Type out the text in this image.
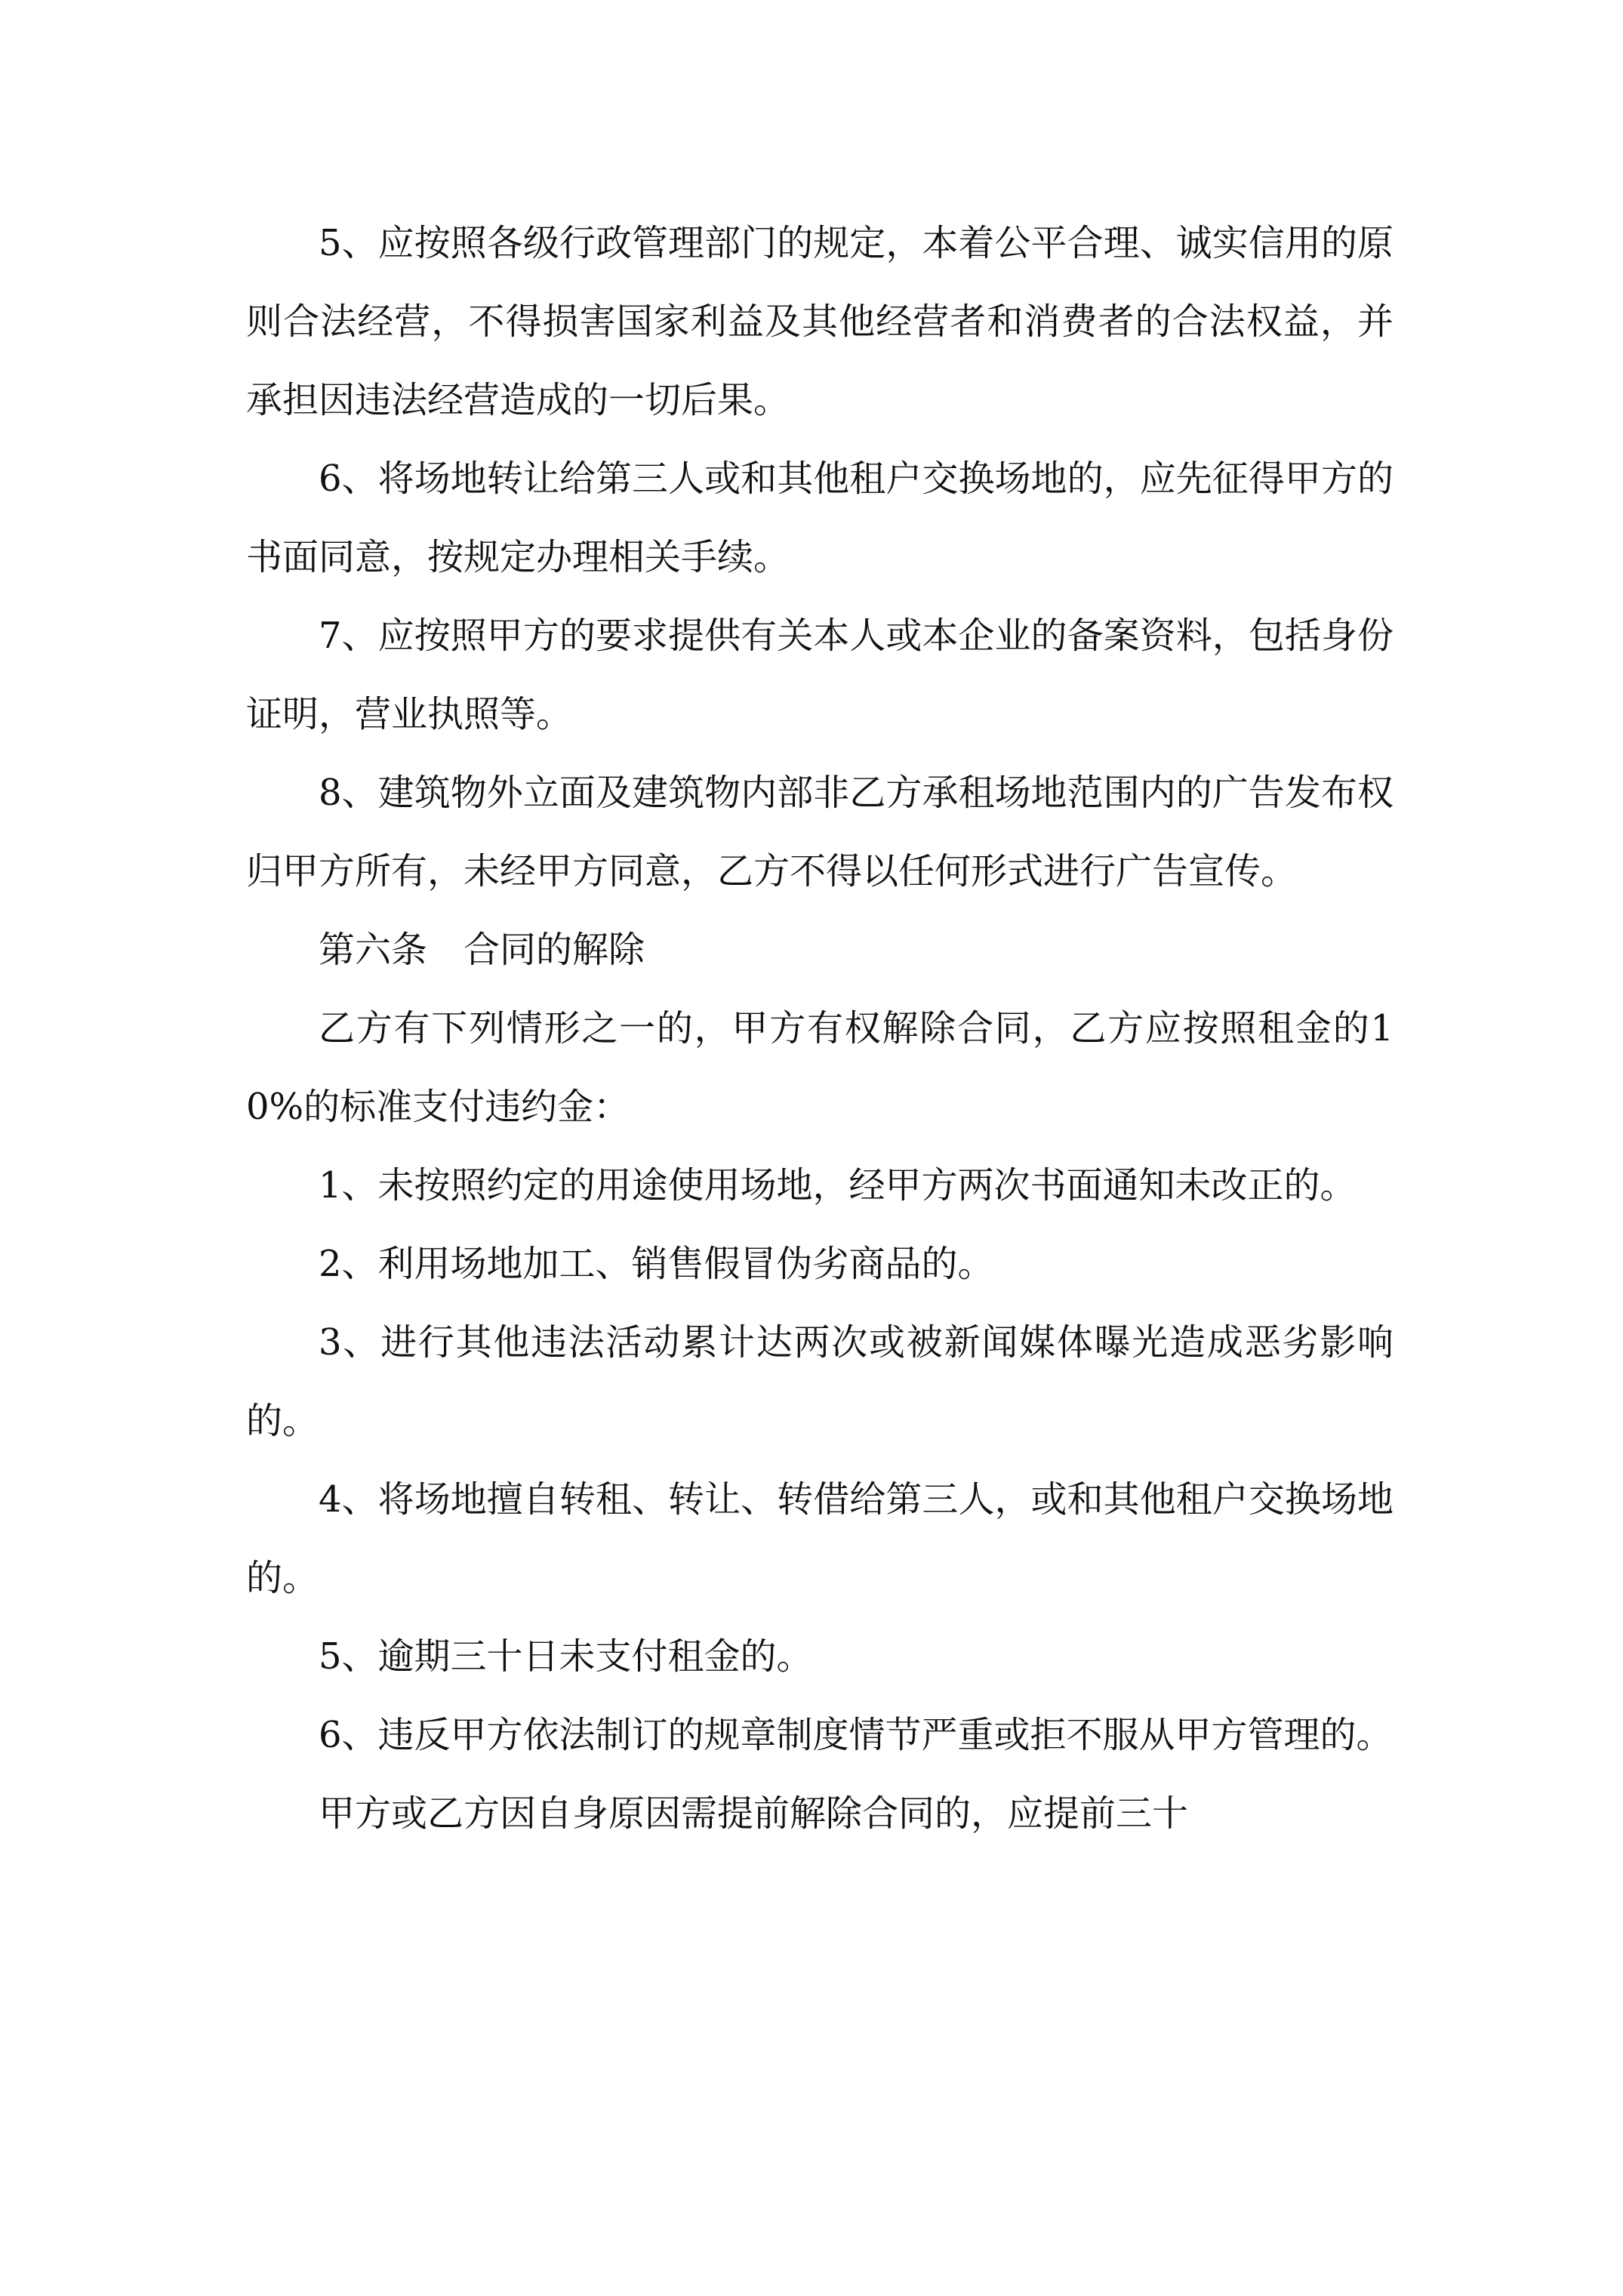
5、应按照各级行政管理部门的规定，本着公平合理、诚实信用的原则合法经营，不得损害国家利益及其他经营者和消费者的合法权益，并承担因违法经营造成的一切后果。

6、将场地转让给第三人或和其他租户交换场地的，应先征得甲方的书面同意，按规定办理相关手续。

7、应按照甲方的要求提供有关本人或本企业的备案资料，包括身份证明，营业执照等。

8、建筑物外立面及建筑物内部非乙方承租场地范围内的广告发布权归甲方所有，未经甲方同意，乙方不得以任何形式进行广告宣传。

第六条　合同的解除

乙方有下列情形之一的，甲方有权解除合同，乙方应按照租金的10%的标准支付违约金：

1、未按照约定的用途使用场地，经甲方两次书面通知未改正的。

2、利用场地加工、销售假冒伪劣商品的。

3、进行其他违法活动累计达两次或被新闻媒体曝光造成恶劣影响的。

4、将场地擅自转租、转让、转借给第三人，或和其他租户交换场地的。

5、逾期三十日未支付租金的。

6、违反甲方依法制订的规章制度情节严重或拒不服从甲方管理的。

甲方或乙方因自身原因需提前解除合同的，应提前三十
